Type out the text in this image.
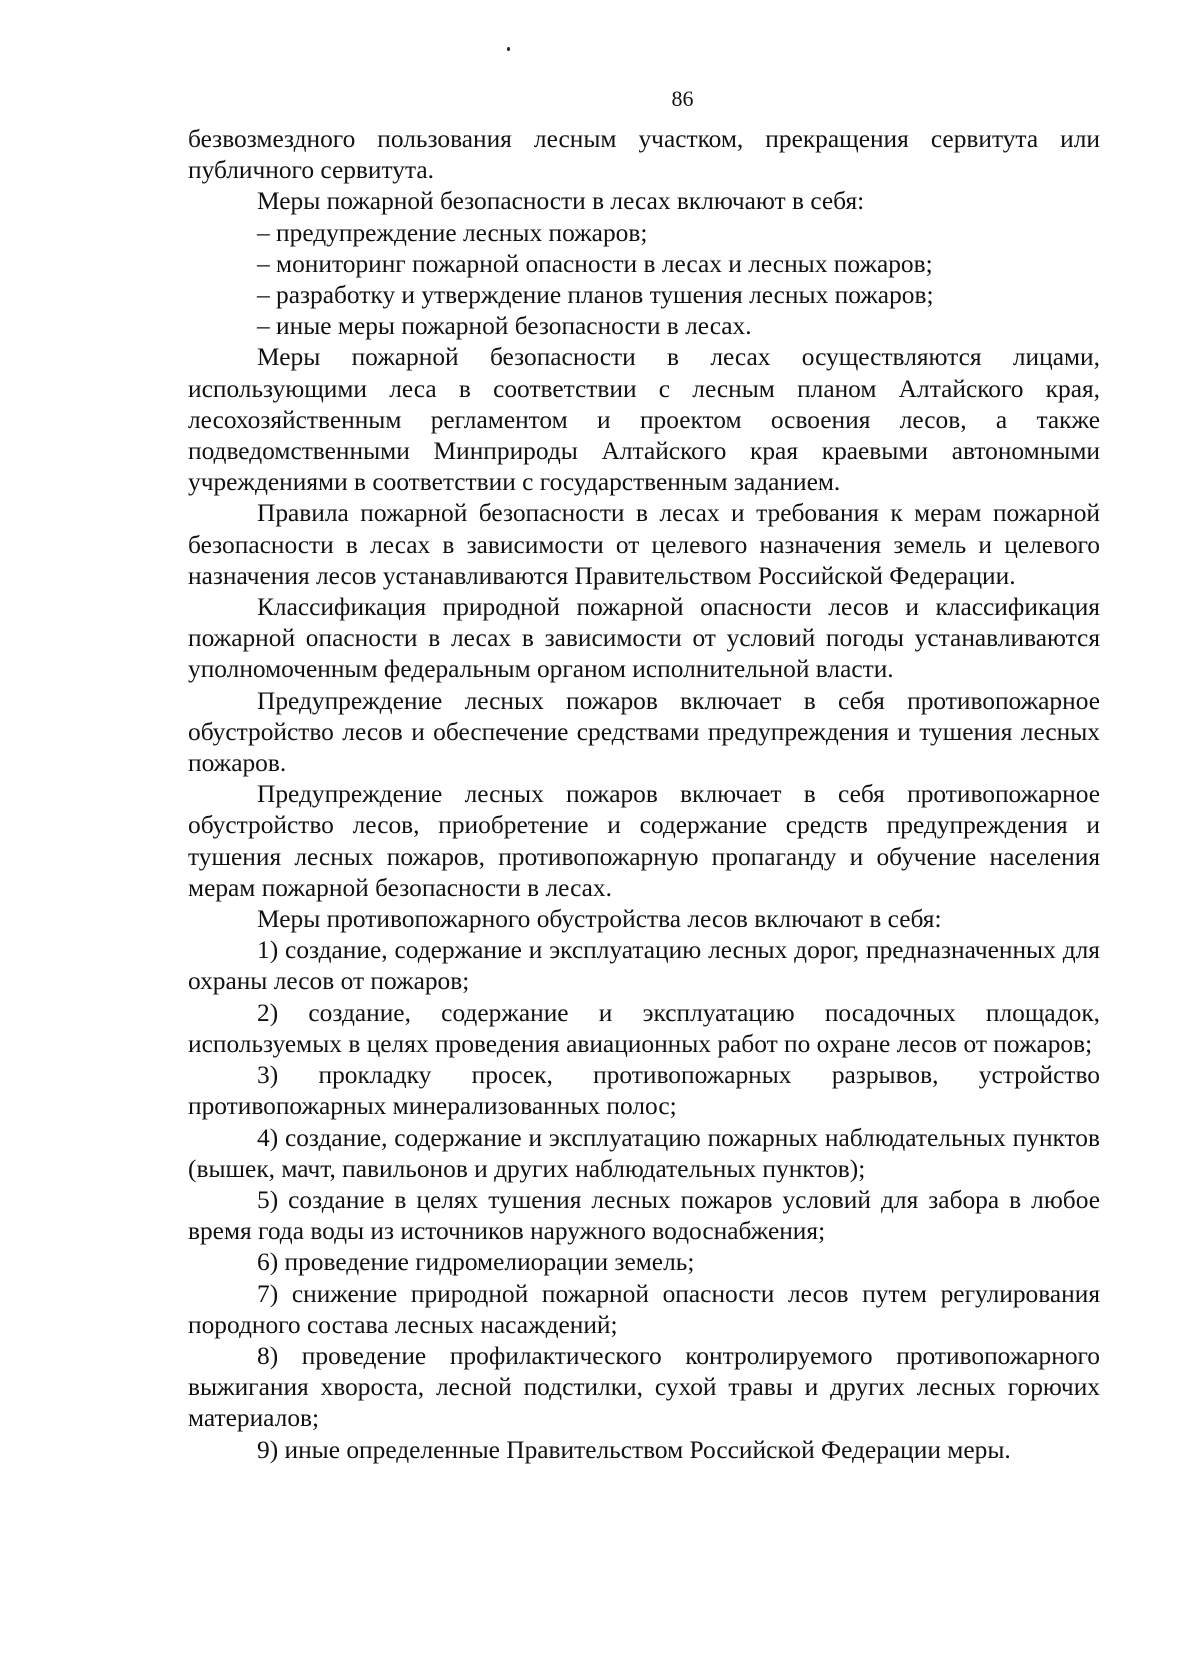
86

безвозмездного пользования лесным участком, прекращения сервитута или публичного сервитута.

Меры пожарной безопасности в лесах включают в себя:

– предупреждение лесных пожаров;

– мониторинг пожарной опасности в лесах и лесных пожаров;

– разработку и утверждение планов тушения лесных пожаров;

– иные меры пожарной безопасности в лесах.

Меры пожарной безопасности в лесах осуществляются лицами, использующими леса в соответствии с лесным планом Алтайского края, лесохозяйственным регламентом и проектом освоения лесов, а также подведомственными Минприроды Алтайского края краевыми автономными учреждениями в соответствии с государственным заданием.

Правила пожарной безопасности в лесах и требования к мерам пожарной безопасности в лесах в зависимости от целевого назначения земель и целевого назначения лесов устанавливаются Правительством Российской Федерации.

Классификация природной пожарной опасности лесов и классификация пожарной опасности в лесах в зависимости от условий погоды устанавливаются уполномоченным федеральным органом исполнительной власти.

Предупреждение лесных пожаров включает в себя противопожарное обустройство лесов и обеспечение средствами предупреждения и тушения лесных пожаров.

Предупреждение лесных пожаров включает в себя противопожарное обустройство лесов, приобретение и содержание средств предупреждения и тушения лесных пожаров, противопожарную пропаганду и обучение населения мерам пожарной безопасности в лесах.

Меры противопожарного обустройства лесов включают в себя:

1) создание, содержание и эксплуатацию лесных дорог, предназначенных для охраны лесов от пожаров;

2) создание, содержание и эксплуатацию посадочных площадок, используемых в целях проведения авиационных работ по охране лесов от пожаров;

3) прокладку просек, противопожарных разрывов, устройство противопожарных минерализованных полос;

4) создание, содержание и эксплуатацию пожарных наблюдательных пунктов (вышек, мачт, павильонов и других наблюдательных пунктов);

5) создание в целях тушения лесных пожаров условий для забора в любое время года воды из источников наружного водоснабжения;

6) проведение гидромелиорации земель;

7) снижение природной пожарной опасности лесов путем регулирования породного состава лесных насаждений;

8) проведение профилактического контролируемого противопожарного выжигания хвороста, лесной подстилки, сухой травы и других лесных горючих материалов;

9) иные определенные Правительством Российской Федерации меры.
